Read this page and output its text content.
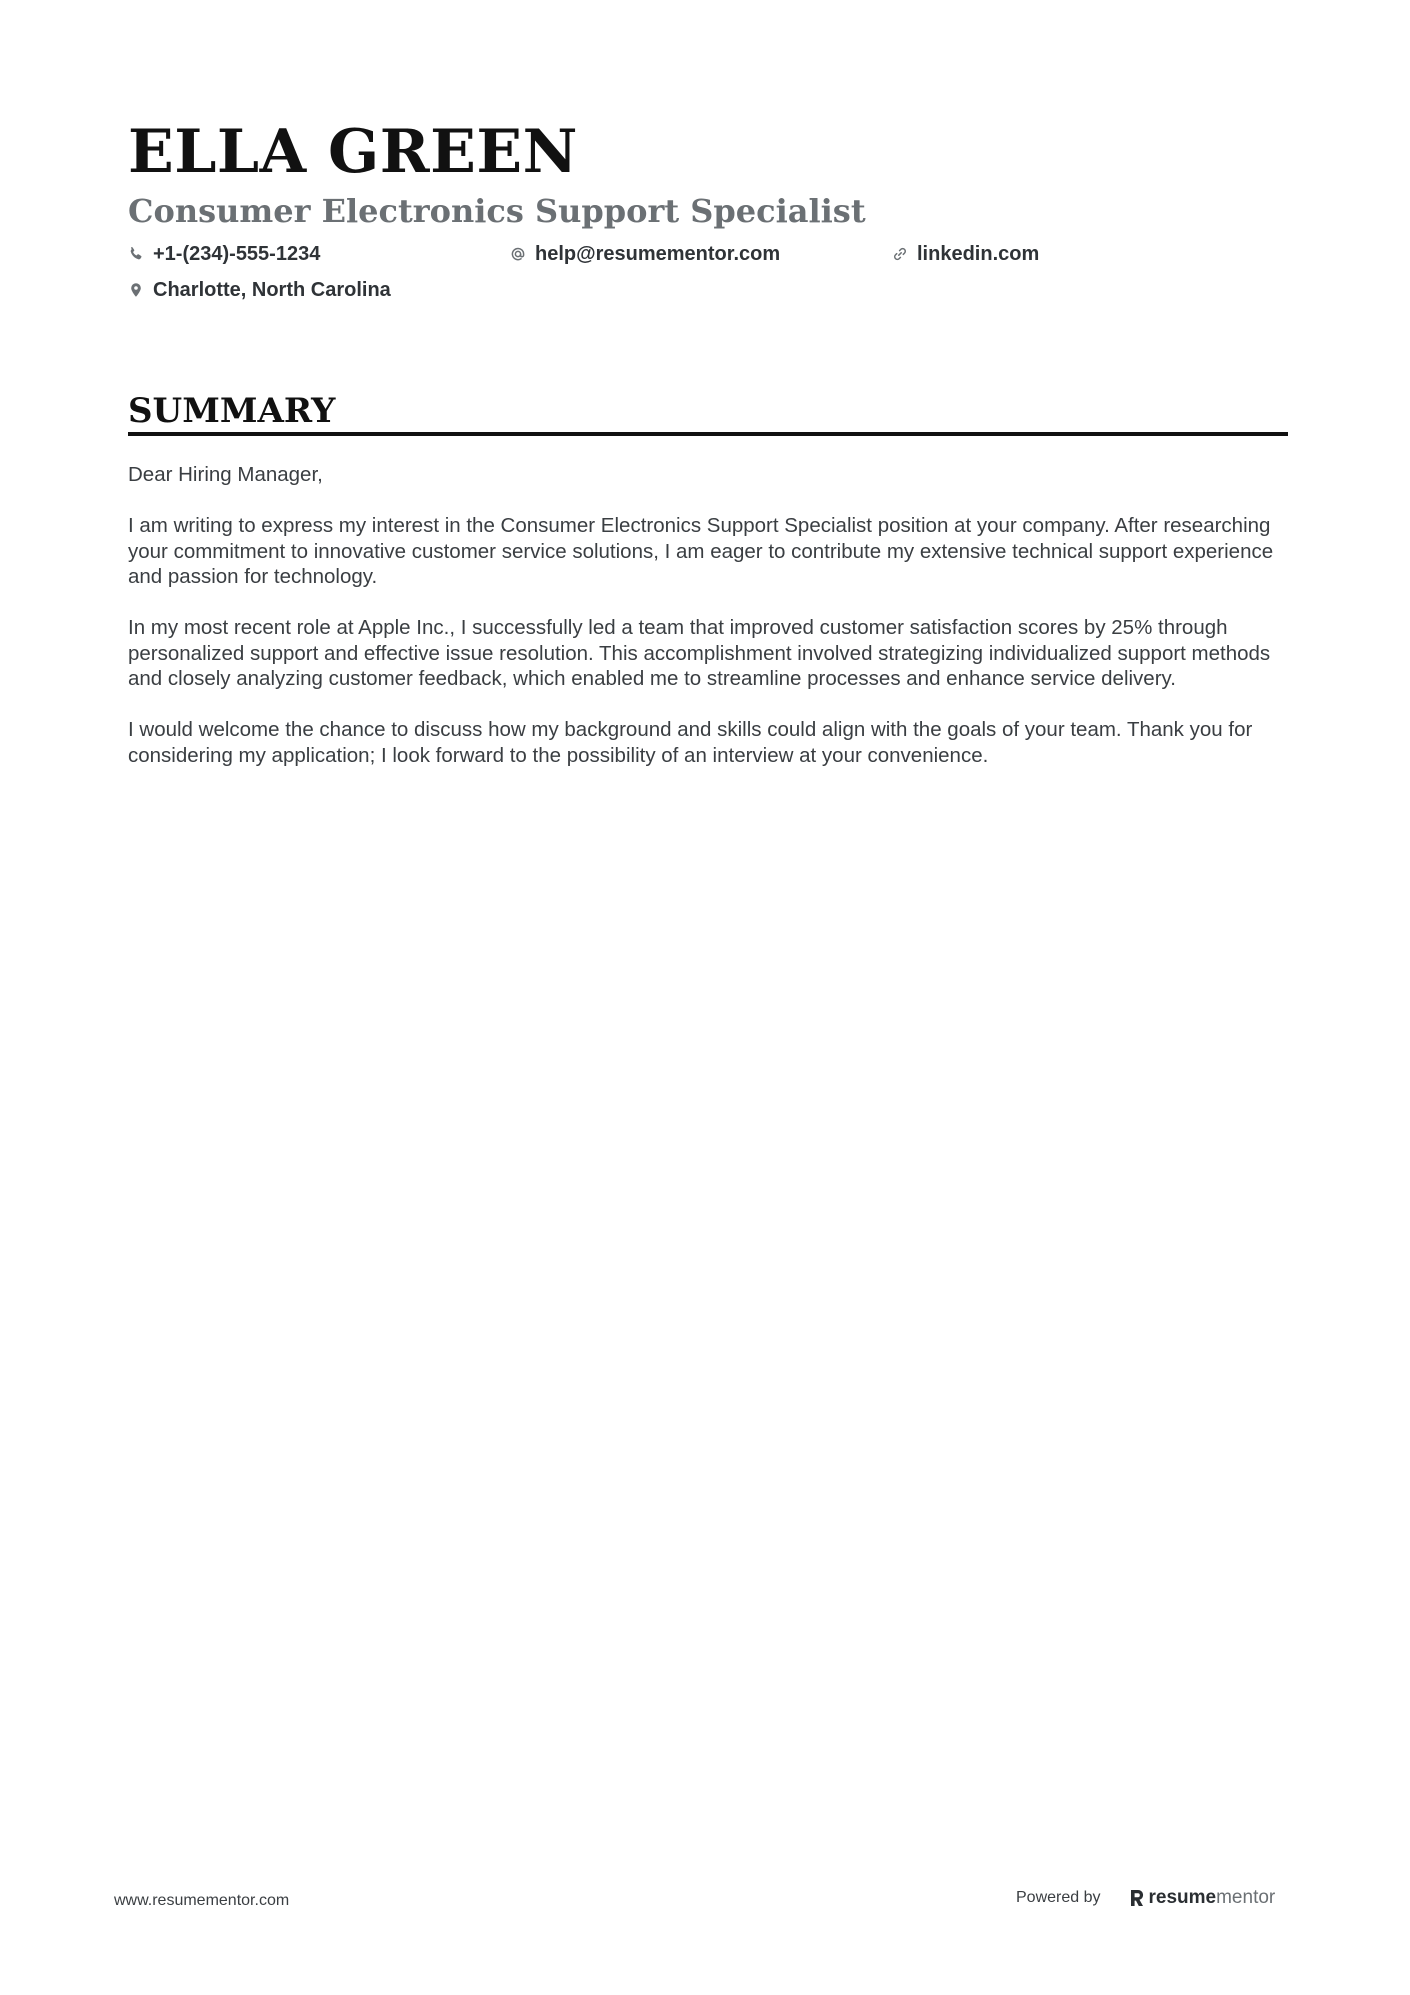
ELLA GREEN
Consumer Electronics Support Specialist
+1-(234)-555-1234	help@resumementor.com	linkedin.com
Charlotte, North Carolina
SUMMARY

Dear Hiring Manager,

I am writing to express my interest in the Consumer Electronics Support Specialist position at your company. After researching your commitment to innovative customer service solutions, I am eager to contribute my extensive technical support experience and passion for technology.

In my most recent role at Apple Inc., I successfully led a team that improved customer satisfaction scores by 25% through personalized support and effective issue resolution. This accomplishment involved strategizing individualized support methods and closely analyzing customer feedback, which enabled me to streamline processes and enhance service delivery.

I would welcome the chance to discuss how my background and skills could align with the goals of your team. Thank you for considering my application; I look forward to the possibility of an interview at your convenience.

www.resumementor.com	Powered by	resume mentor
